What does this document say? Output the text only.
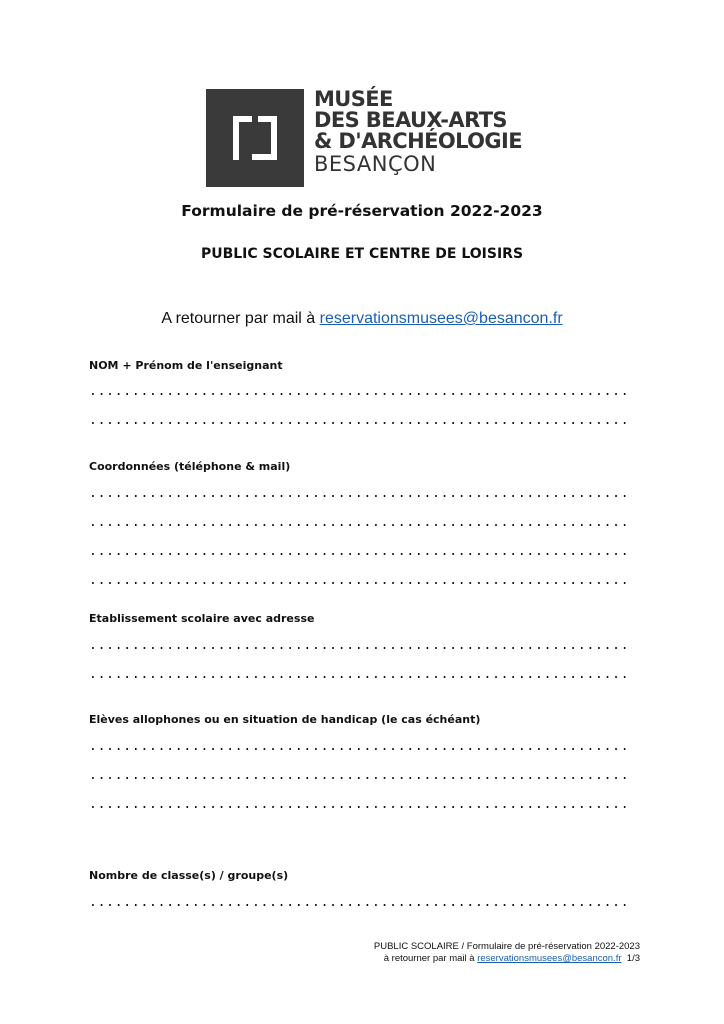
MUSÉE
DES BEAUX-ARTS
& D'ARCHÉOLOGIE
BESANÇON
Formulaire de pré-réservation 2022-2023
PUBLIC SCOLAIRE ET CENTRE DE LOISIRS
A retourner par mail à reservationsmusees@besancon.fr
NOM + Prénom de l'enseignant
...............................................................
...............................................................
Coordonnées (téléphone & mail)
...............................................................
...............................................................
...............................................................
...............................................................
Etablissement scolaire avec adresse
...............................................................
...............................................................
Elèves allophones ou en situation de handicap (le cas échéant)
...............................................................
...............................................................
...............................................................
Nombre de classe(s) / groupe(s)
...............................................................
PUBLIC SCOLAIRE / Formulaire de pré-réservation 2022-2023
à retourner par mail à reservationsmusees@besancon.fr 1/3
